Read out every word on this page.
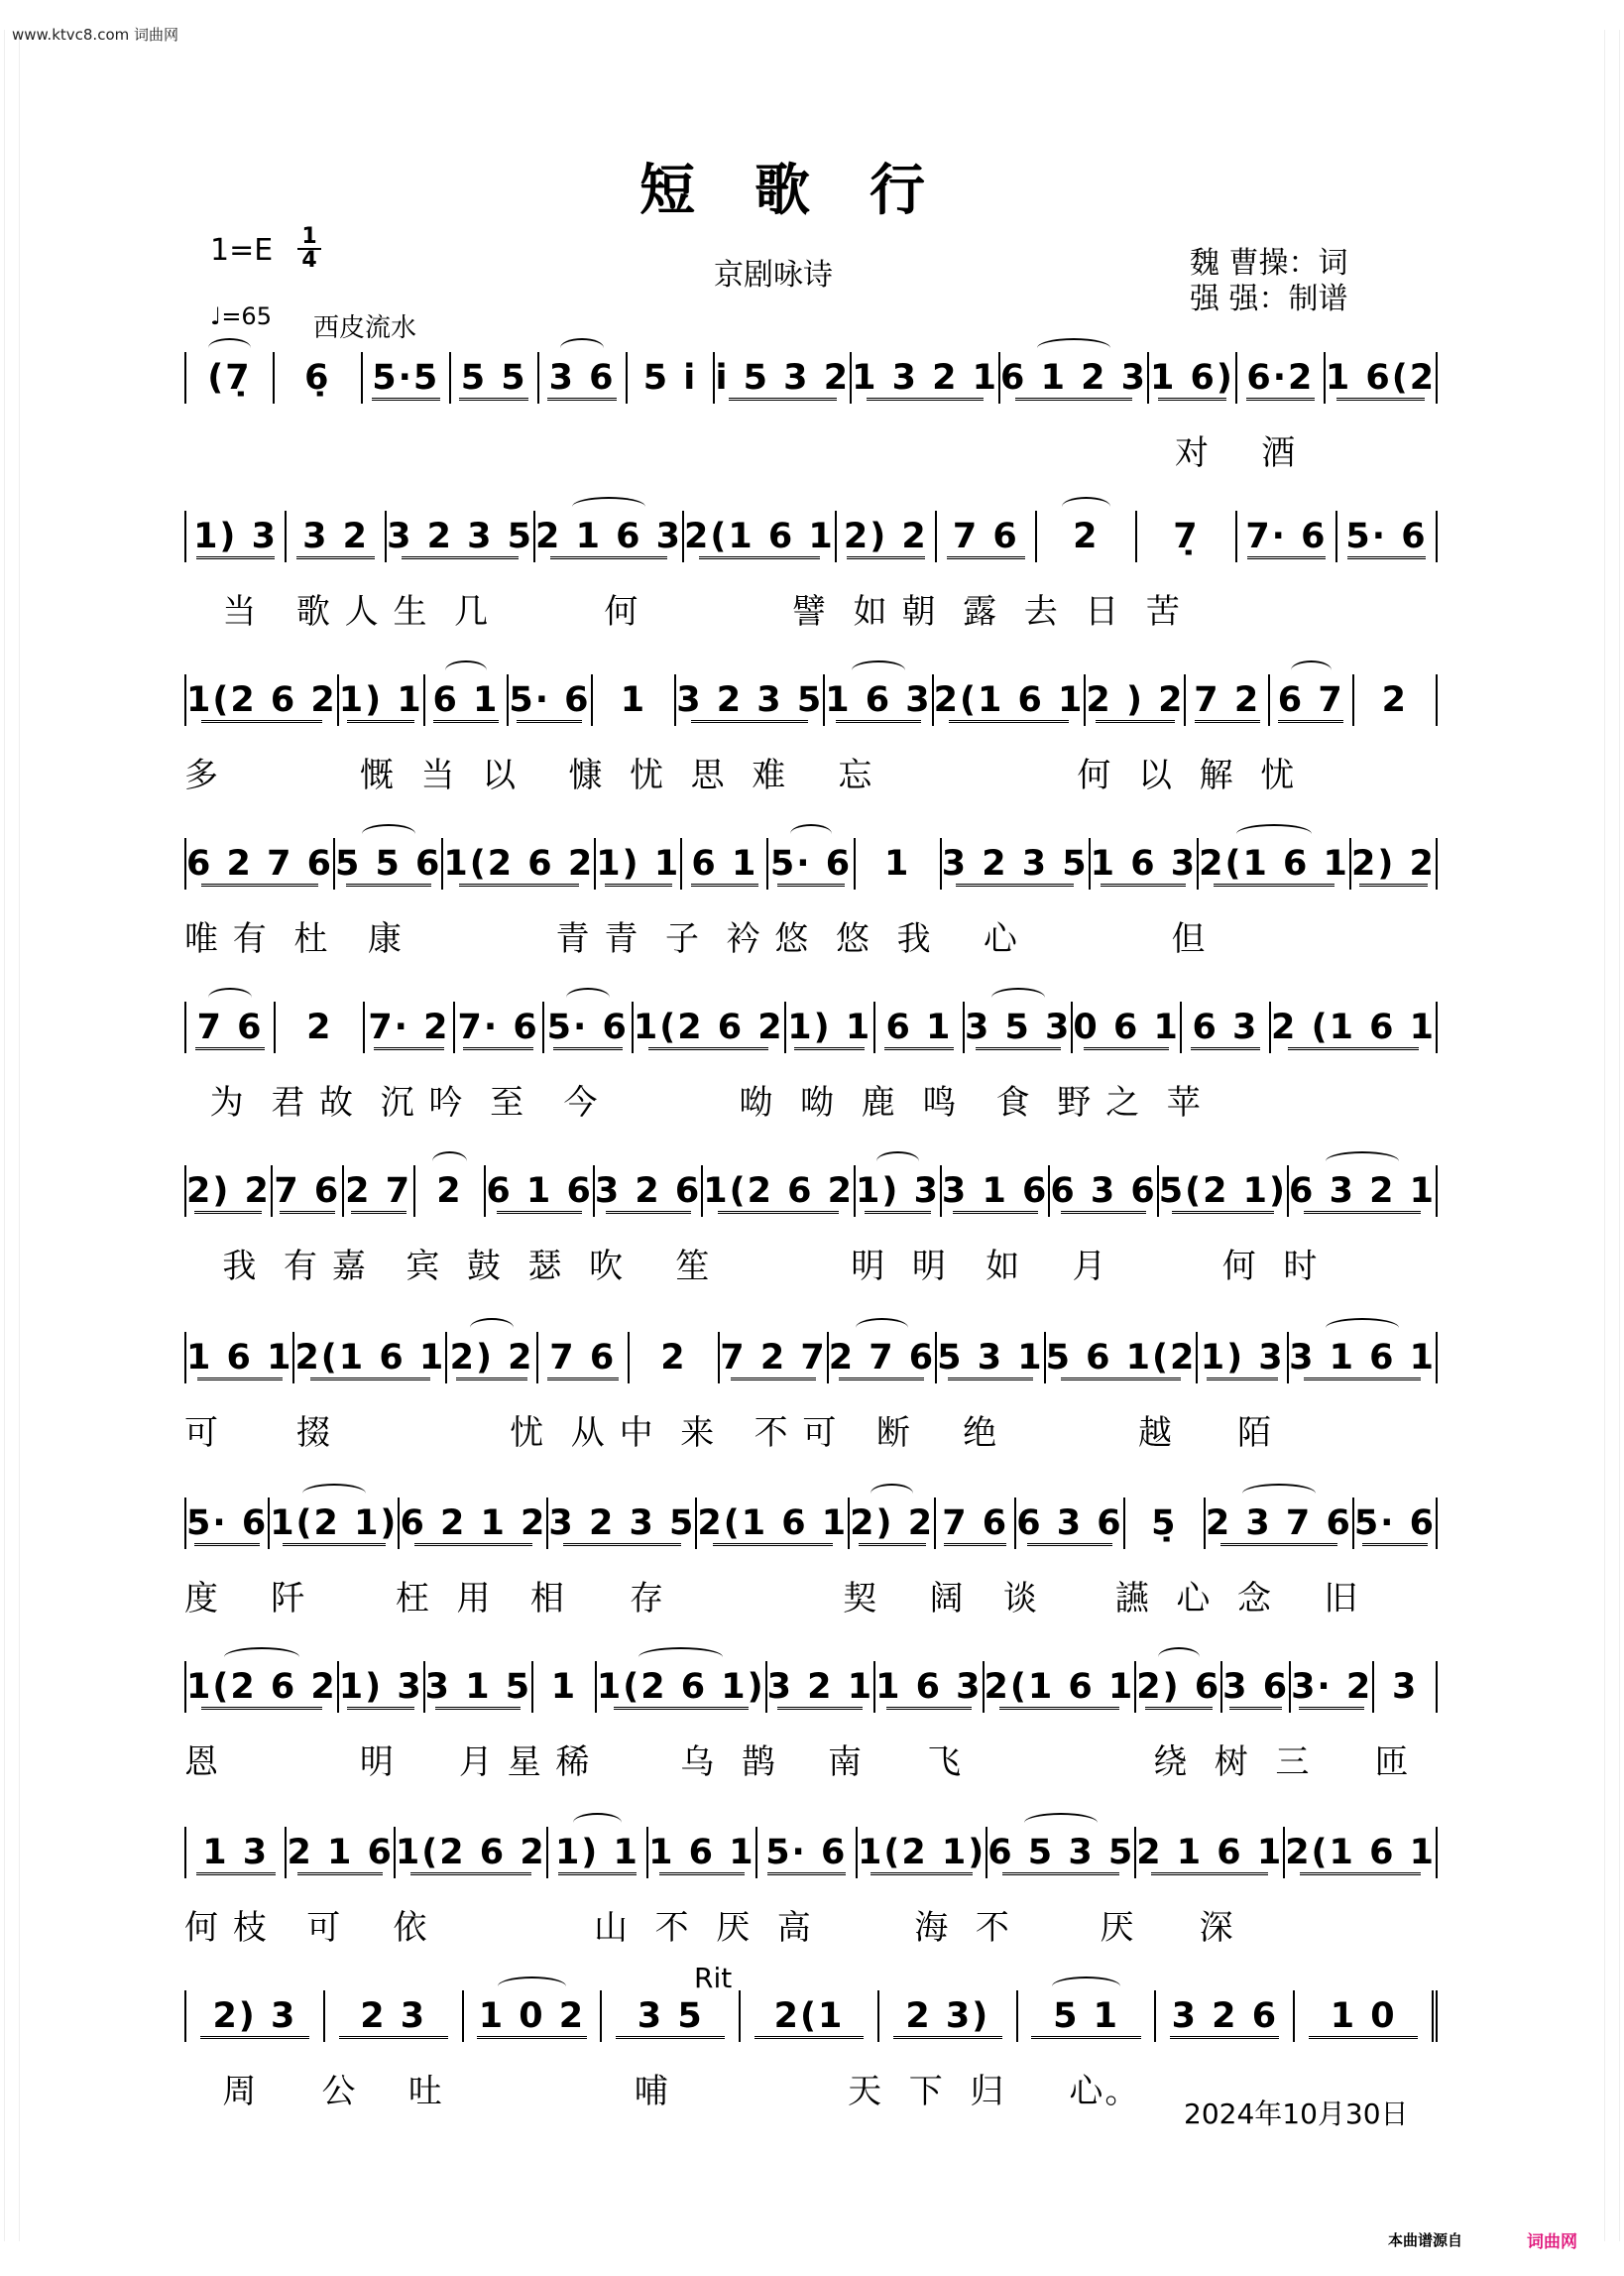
www.ktvc8.com 词曲网
短歌行
1=E 1
4	京剧咏诗	魏 曹操：词
强 强：制谱
♩=65 西皮流水
(7̣ 6̣ 5·5 5 5 3 6 5 i i 5 3 2 1 3 2 1 6 1 2 3 1 6) 6·2 1 6(2
对    酒
1) 3 3 2 3 2 3 5 2 1 6 3 2(1 6 1 2) 2 7 6 2 7̣ 7· 6 5· 6
当   歌 人 生  几         何            譬  如 朝  露  去  日  苦
1(2 6 2 1) 1 6 1 5· 6 1 3 2 3 5 1 6 3 2(1 6 1 2 ) 2 7 2 6 7 2
多           慨  当  以    慷  忧  思  难    忘                何  以  解  忧
6 2 7 6 5 5 6 1(2 6 2 1) 1 6 1 5· 6 1 3 2 3 5 1 6 3 2(1 6 1 2) 2
唯 有  杜   康            青 青  子  衿 悠  悠  我    心            但
7 6 2 7· 2 7· 6 5· 6 1(2 6 2 1) 1 6 1 3 5 3 0 6 1 6 3 2 (1 6 1
为  君 故  沉 吟  至   今           呦  呦  鹿  鸣   食  野 之  苹
2) 2 7 6 2 7 2 6 1 6 3 2 6 1(2 6 2 1) 3 3 1 6 6 3 6 5(2 1) 6 3 2 1
我  有 嘉   宾  鼓  瑟  吹    笙           明  明   如    月         何  时
1 6 1 2(1 6 1 2) 2 7 6 2 7 2 7 2 7 6 5 3 1 5 6 1(2 1) 3 3 1 6 1
可      掇              忧  从 中  来   不 可   断    绝           越     陌
5· 6 1(2 1) 6 2 1 2 3 2 3 5 2(1 6 1 2) 2 7 6 6 3 6 5̣ 2 3 7 6 5· 6
度    阡       枉  用   相     存              契    阔   谈      讌  心  念    旧
1(2 6 2 1) 3 3 1 5 1 1(2 6 1) 3 2 1 1 6 3 2(1 6 1 2) 6 3 6 3· 2 3
恩           明     月 星 稀       乌  鹊    南     飞               绕  树  三     匝
1 3 2 1 6 1(2 6 2 1) 1 1 6 1 5· 6 1(2 1) 6 5 3 5 2 1 6 1 2(1 6 1
何 枝   可    依             山  不  厌  高        海  不       厌     深
2) 3 2 3 1 0 2 3 5 2(1 2 3) 5 1 3 2 6 1 0
周     公    吐               哺              天  下  归     心。
Rit
2024年10月30日
本曲谱源自	词曲网
